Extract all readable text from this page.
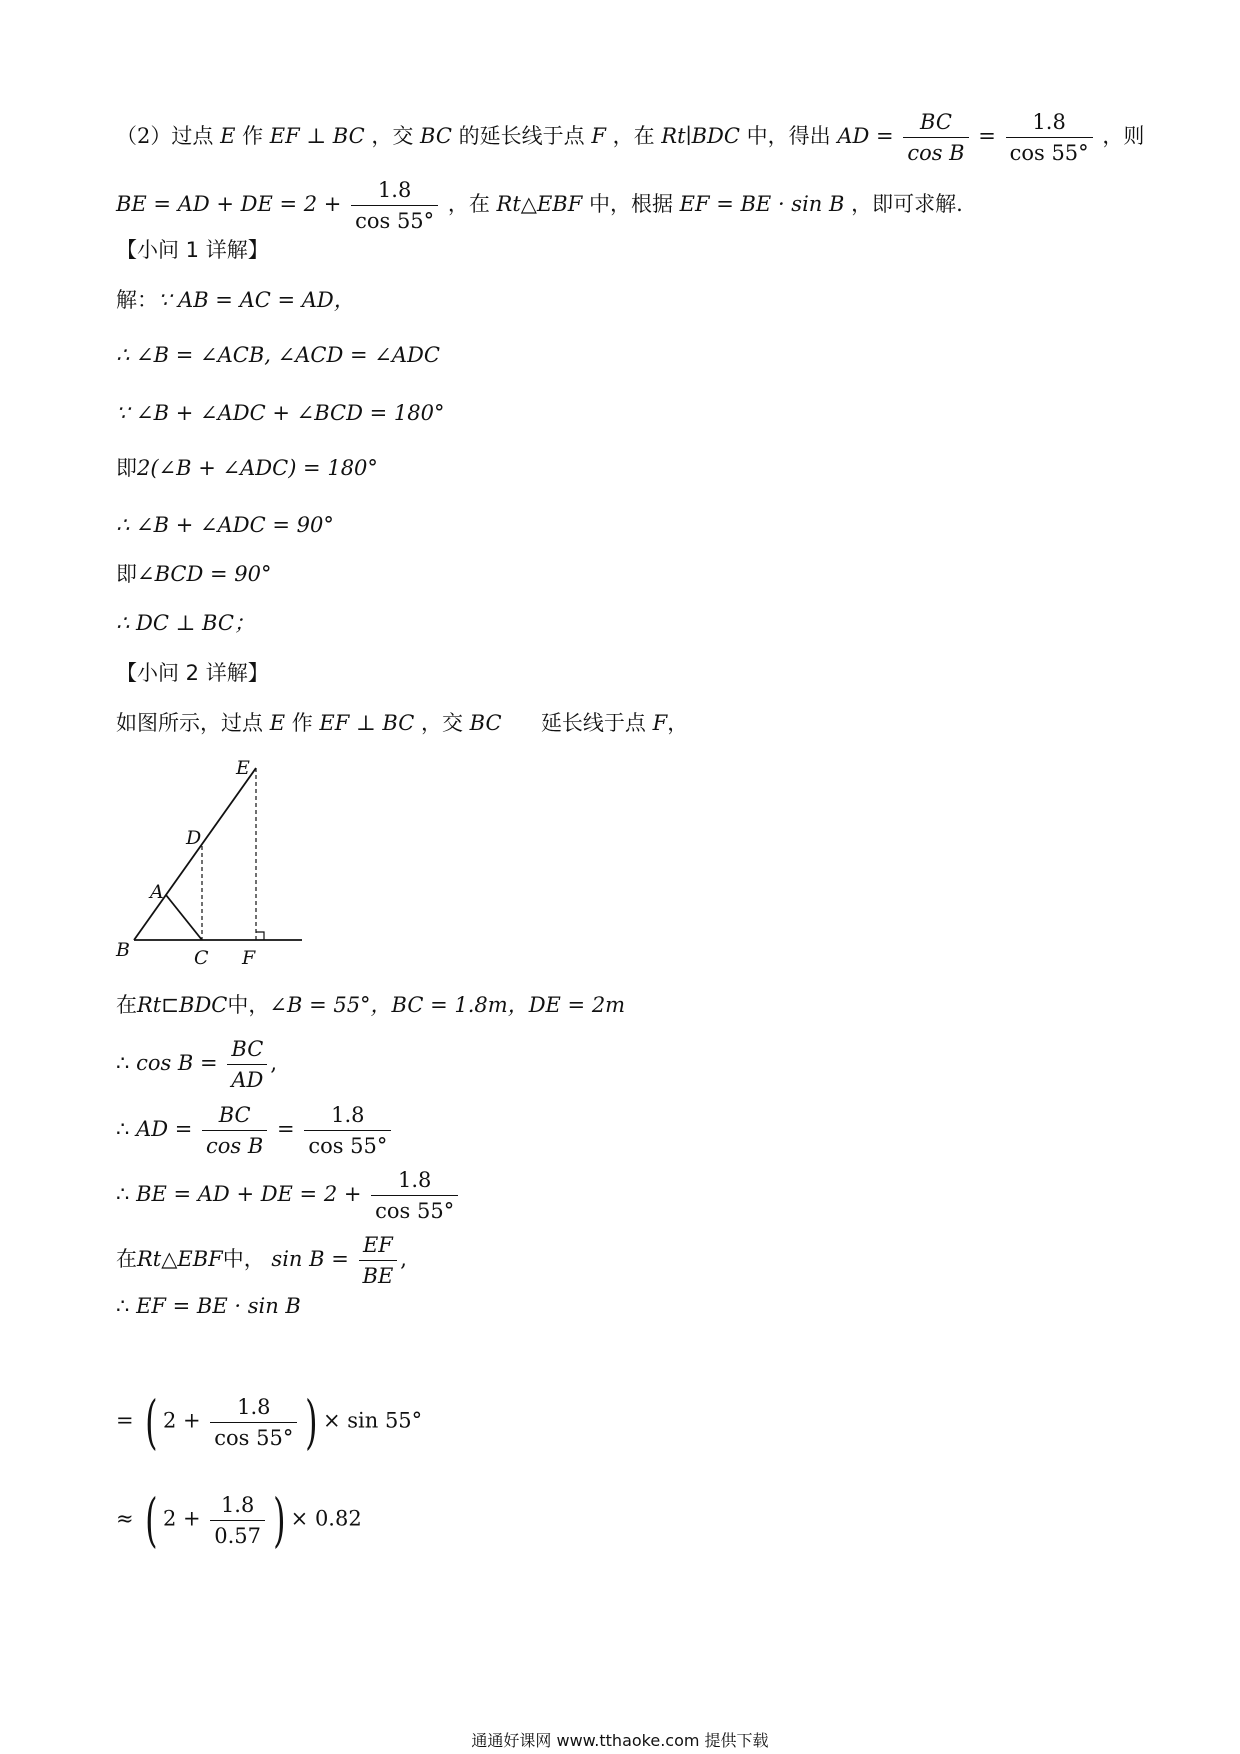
（2）过点 E 作 EF ⊥ BC ，交 BC 的延长线于点 F ，在 Rt∣BDC 中，得出 AD = $\frac{BC}{\text{cos B}} = \frac{1.8}{\cos 55^\circ}$ ，则
BE = AD + DE = $2 + \frac{1.8}{\cos 55^\circ}$ ，在 Rt△EBF 中，根据 EF = BE · sin B ，即可求解.
【小问 1 详解】
解：∵ AB = AC = AD，
∴ ∠B = ∠ACB, ∠ACD = ∠ADC
∵ ∠B + ∠ADC + ∠BCD = 180°
即2(∠B + ∠ADC) = 180°
∴ ∠B + ∠ADC = 90°
即∠BCD = 90°
∴ DC ⊥ BC；
【小问 2 详解】
如图所示，过点 E 作 EF ⊥ BC ，交 BC 延长线于点 F，
E
D
A
B	C F
在Rt⊏BDC中，∠B = 55°，BC = 1.8m，DE = 2m
∴ $\cos B = \frac{BC}{AD}$ ,
∴ AD = $\frac{BC}{\text{cos B}} = \frac{1.8}{\cos 55^\circ}$
∴ BE = AD + DE = $2 + \frac{1.8}{\cos 55^\circ}$
在Rt△EBF中， $\sin B = \frac{EF}{BE}$ ,
∴ EF = BE · sin B
= ( $2 + \frac{1.8}{\cos 55^\circ}$ ) × sin 55°
≈ ( $2 + \frac{1.8}{0.57}$ ) × 0.82
通通好课网 www.tthaoke.com 提供下载
